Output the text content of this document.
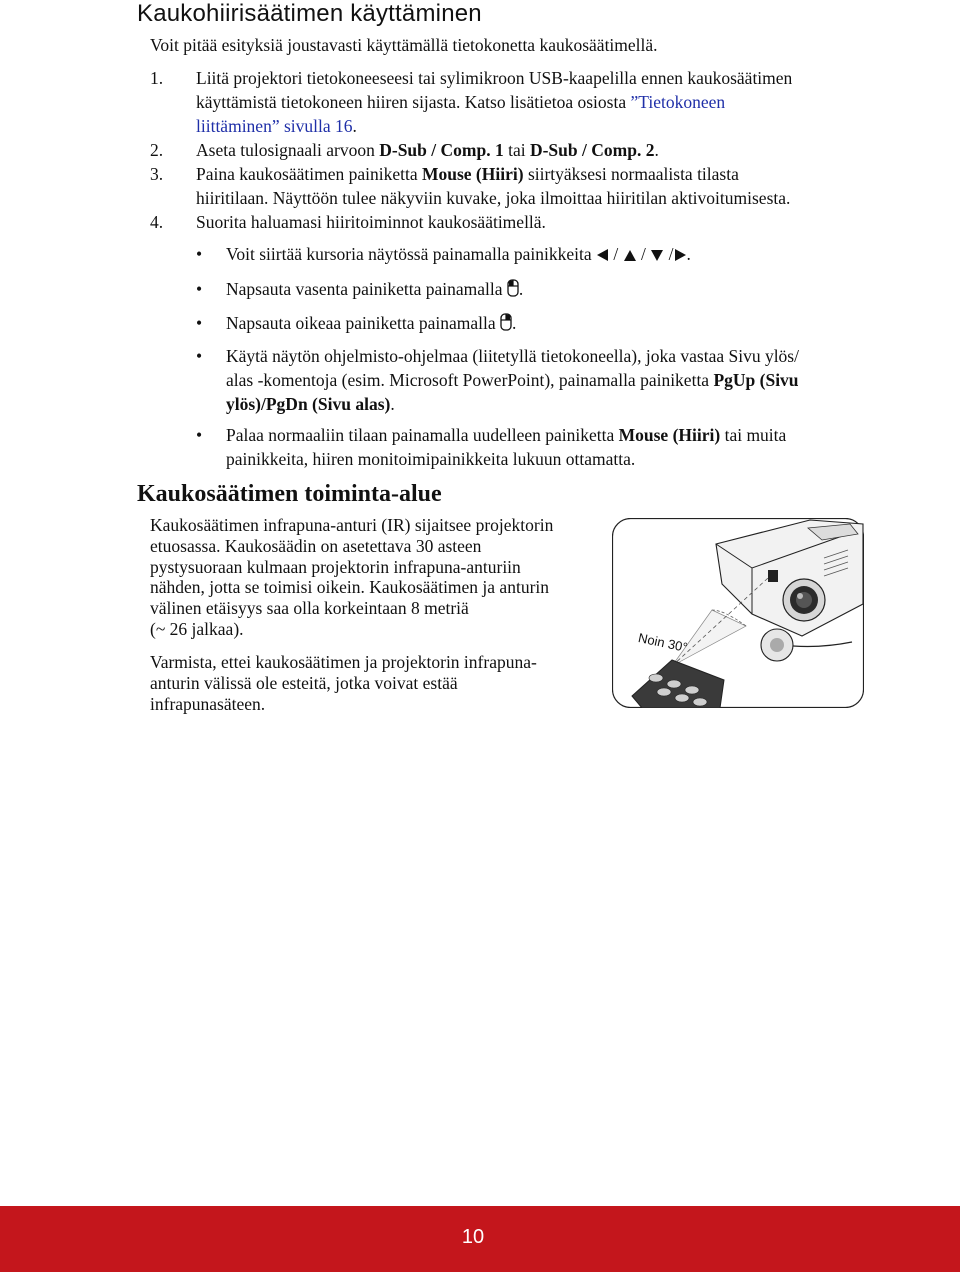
Kaukohiirisäätimen käyttäminen
Voit pitää esityksiä joustavasti käyttämällä tietokonetta kaukosäätimellä.
1. Liitä projektori tietokoneeseesi tai sylimikroon USB-kaapelilla ennen kaukosäätimen
käyttämistä tietokoneen hiiren sijasta. Katso lisätietoa osiosta ”Tietokoneen
liittäminen” sivulla 16.
2. Aseta tulosignaali arvoon D-Sub / Comp. 1 tai D-Sub / Comp. 2.
3. Paina kaukosäätimen painiketta Mouse (Hiiri) siirtyäksesi normaalista tilasta
hiiritilaan. Näyttöön tulee näkyviin kuvake, joka ilmoittaa hiiritilan aktivoitumisesta.
4. Suorita haluamasi hiiritoiminnot kaukosäätimellä.
• Voit siirtää kursoria näytössä painamalla painikkeita / / / .
• Napsauta vasenta painiketta painamalla .
• Napsauta oikeaa painiketta painamalla .
• Käytä näytön ohjelmisto-ohjelmaa (liitetyllä tietokoneella), joka vastaa Sivu ylös/
alas -komentoja (esim. Microsoft PowerPoint), painamalla painiketta PgUp (Sivu
ylös)/PgDn (Sivu alas).
• Palaa normaaliin tilaan painamalla uudelleen painiketta Mouse (Hiiri) tai muita
painikkeita, hiiren monitoimipainikkeita lukuun ottamatta.
Kaukosäätimen toiminta-alue
Kaukosäätimen infrapuna-anturi (IR) sijaitsee projektorin
etuosassa. Kaukosäädin on asetettava 30 asteen
pystysuoraan kulmaan projektorin infrapuna-anturiin
nähden, jotta se toimisi oikein. Kaukosäätimen ja anturin
välinen etäisyys saa olla korkeintaan 8 metriä
(~ 26 jalkaa).
Varmista, ettei kaukosäätimen ja projektorin infrapuna-
anturin välissä ole esteitä, jotka voivat estää
infrapunasäteen.
Noin 30°
10
